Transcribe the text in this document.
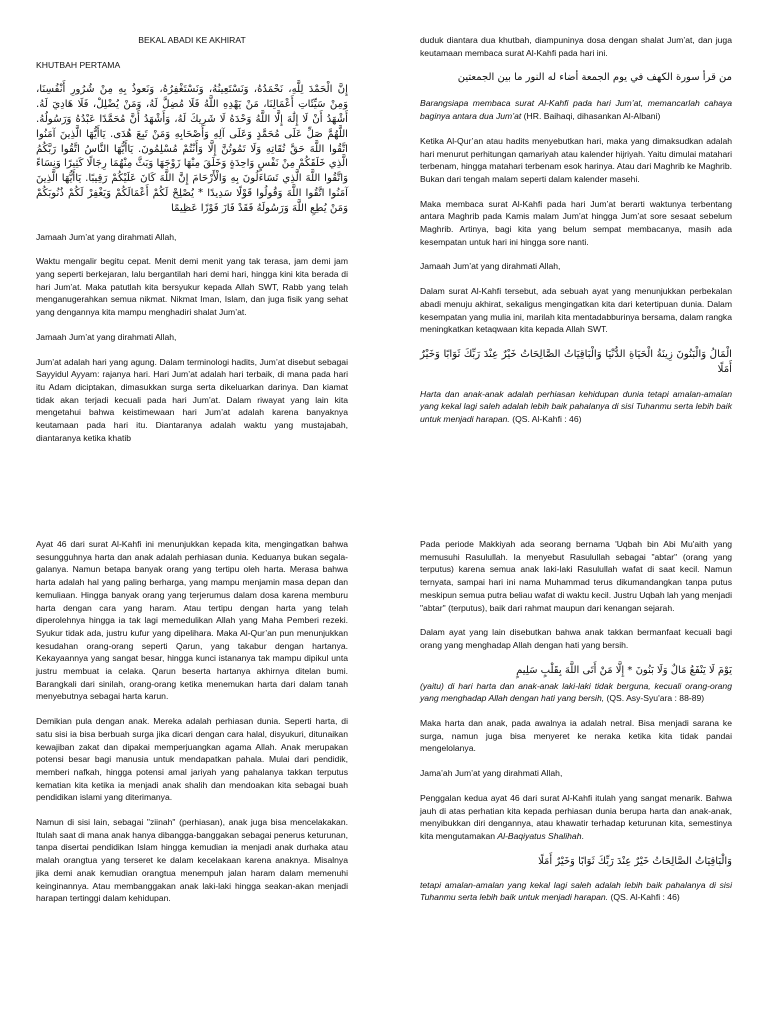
BEKAL ABADI KE AKHIRAT

KHUTBAH PERTAMA

إِنَّ الْحَمْدَ لِلَّهِ، نَحْمَدُهُ، وَنَسْتَعِينُهُ، وَنَسْتَغْفِرُهُ، وَنَعوذُ بِهِ مِنْ شُرُورِ أَنْفُسِنَا، وَمِنْ سَيِّئَاتِ أَعْمَالِنَا، مَنْ يَهْدِهِ اللَّهُ فَلَا مُضِلَّ لَهُ، وَمَنْ يُضْلِلْ، فَلَا هَادِيَ لَهُ. أَشْهَدُ أَنْ لَا إِلَٰهَ إِلَّا اللَّهُ وَحْدَهُ لَا شَرِيكَ لَهُ، وَأَشْهَدُ أَنَّ مُحَمَّدًا عَبْدُهُ وَرَسُولُهُ. اللَّهُمَّ صَلِّ عَلَى مُحَمَّدٍ وَعَلَى آلِهِ وَأَصْحَابِهِ وَمَنْ تَبِعَ هُدَى. يَاأَيُّهَا الَّذِينَ آمَنُوا اتَّقُوا اللَّهَ حَقَّ تُقَاتِهِ وَلَا تَمُوتُنَّ إِلَّا وَأَنْتُمْ مُسْلِمُونَ. يَاأَيُّهَا النَّاسُ اتَّقُوا رَبَّكُمُ الَّذِي خَلَقَكُمْ مِنْ نَفْسٍ وَاحِدَةٍ وَخَلَقَ مِنْهَا زَوْجَهَا وَبَثَّ مِنْهُمَا رِجَالًا كَثِيرًا وَنِسَاءً وَاتَّقُوا اللَّهَ الَّذِي تَسَاءَلُونَ بِهِ وَالْأَرْحَامَ إِنَّ اللَّهَ كَانَ عَلَيْكُمْ رَقِيبًا. يَاأَيُّهَا الَّذِينَ آمَنُوا اتَّقُوا اللَّهَ وَقُولُوا قَوْلًا سَدِيدًا * يُصْلِحْ لَكُمْ أَعْمَالَكُمْ وَيَغْفِرْ لَكُمْ ذُنُوبَكُمْ وَمَنْ يُطِعِ اللَّهَ وَرَسُولَهُ فَقَدْ فَازَ فَوْزًا عَظِيمًا

Jamaah Jum’at yang dirahmati Allah,

Waktu mengalir begitu cepat. Menit demi menit yang tak terasa, jam demi jam yang seperti berkejaran, lalu bergantilah hari demi hari, hingga kini kita berada di hari Jum’at. Maka patutlah kita bersyukur kepada Allah SWT, Rabb yang telah menganugerahkan semua nikmat. Nikmat Iman, Islam, dan juga fisik yang sehat yang dengannya kita mampu menghadiri shalat Jum’at.

Jamaah Jum’at yang dirahmati Allah,

Jum’at adalah hari yang agung. Dalam terminologi hadits, Jum’at disebut sebagai Sayyidul Ayyam: rajanya hari. Hari Jum’at adalah hari terbaik, di mana pada hari itu Adam diciptakan, dimasukkan surga serta dikeluarkan darinya. Dan kiamat tidak akan terjadi kecuali pada hari Jum’at. Dalam riwayat yang lain kita mengetahui bahwa keistimewaan hari Jum’at adalah karena banyaknya keutamaan pada hari itu. Diantaranya adalah waktu yang mustajabah, diantaranya ketika khatib

duduk diantara dua khutbah, diampuninya dosa dengan shalat Jum’at, dan juga keutamaan membaca surat Al-Kahfi pada hari ini.

من قرأ سورة الكهف في يوم الجمعة أضاء له النور ما بين الجمعتين

Barangsiapa membaca surat Al-Kahfi pada hari Jum’at, memancarlah cahaya baginya antara dua Jum’at (HR. Baihaqi, dihasankan Al-Albani)

Ketika Al-Qur’an atau hadits menyebutkan hari, maka yang dimaksudkan adalah hari menurut perhitungan qamariyah atau kalender hijriyah. Yaitu dimulai matahari terbenam, hingga matahari terbenam esok harinya. Atau dari Maghrib ke Maghrib. Bukan dari tengah malam seperti dalam kalender masehi.

Maka membaca surat Al-Kahfi pada hari Jum’at berarti waktunya terbentang antara Maghrib pada Kamis malam Jum’at hingga Jum’at sore sesaat sebelum Maghrib. Artinya, bagi kita yang belum sempat membacanya, masih ada kesempatan untuk hari ini hingga sore nanti.

Jamaah Jum’at yang dirahmati Allah,

Dalam surat Al-Kahfi tersebut, ada sebuah ayat yang menunjukkan perbekalan abadi menuju akhirat, sekaligus mengingatkan kita dari ketertipuan dunia. Dalam kesempatan yang mulia ini, marilah kita mentadabburinya bersama, dalam rangka meningkatkan ketaqwaan kita kepada Allah SWT.

الْمَالُ وَالْبَنُونَ زِينَةُ الْحَيَاةِ الدُّنْيَا وَالْبَاقِيَاتُ الصَّالِحَاتُ خَيْرٌ عِنْدَ رَبِّكَ ثَوَابًا وَخَيْرٌ أَمَلًا

Harta dan anak-anak adalah perhiasan kehidupan dunia tetapi amalan-amalan yang kekal lagi saleh adalah lebih baik pahalanya di sisi Tuhanmu serta lebih baik untuk menjadi harapan. (QS. Al-Kahfi : 46)

Ayat 46 dari surat Al-Kahfi ini menunjukkan kepada kita, mengingatkan bahwa sesungguhnya harta dan anak adalah perhiasan dunia. Keduanya bukan segala-galanya. Namun betapa banyak orang yang tertipu oleh harta. Merasa bahwa harta adalah hal yang paling berharga, yang mampu menjamin masa depan dan kemuliaan. Hingga banyak orang yang terjerumus dalam dosa karena memburu harta dengan cara yang haram. Atau tertipu dengan harta yang telah diperolehnya hingga ia tak lagi memedulikan Allah yang Maha Pemberi rezeki. Syukur tidak ada, justru kufur yang dipelihara. Maka Al-Qur’an pun menunjukkan kesudahan orang-orang seperti Qarun, yang takabur dengan hartanya. Kekayaannya yang sangat besar, hingga kunci istananya tak mampu dipikul unta justru membuat ia celaka. Qarun beserta hartanya akhirnya ditelan bumi. Barangkali dari sinilah, orang-orang ketika menemukan harta dari dalam tanah menyebutnya sebagai harta karun.

Demikian pula dengan anak. Mereka adalah perhiasan dunia. Seperti harta, di satu sisi ia bisa berbuah surga jika dicari dengan cara halal, disyukuri, ditunaikan kewajiban zakat dan dipakai memperjuangkan agama Allah. Anak merupakan potensi besar bagi manusia untuk mendapatkan pahala. Mulai dari pendidik, memberi nafkah, hingga potensi amal jariyah yang pahalanya takkan terputus kematian kita ketika ia menjadi anak shalih dan mendoakan kita sebagai buah pendidikan islami yang diterimanya.

Namun di sisi lain, sebagai "ziinah" (perhiasan), anak juga bisa mencelakakan. Itulah saat di mana anak hanya dibangga-banggakan sebagai penerus keturunan, tanpa disertai pendidikan Islam hingga kemudian ia menjadi anak durhaka atau malah orangtua yang terseret ke dalam kecelakaan karena anaknya. Misalnya jika demi anak kemudian orangtua menempuh jalan haram dalam memenuhi keinginannya. Atau membanggakan anak laki-laki hingga seakan-akan menjadi harapan tertinggi dalam kehidupan.

Pada periode Makkiyah ada seorang bernama 'Uqbah bin Abi Mu'aith yang memusuhi Rasulullah. Ia menyebut Rasulullah sebagai "abtar" (orang yang terputus) karena semua anak laki-laki Rasulullah wafat di saat kecil. Namun ternyata, sampai hari ini nama Muhammad terus dikumandangkan tanpa putus meskipun semua putra beliau wafat di waktu kecil. Justru Uqbah lah yang menjadi "abtar" (terputus), baik dari rahmat maupun dari kenangan sejarah.

Dalam ayat yang lain disebutkan bahwa anak takkan bermanfaat kecuali bagi orang yang menghadap Allah dengan hati yang bersih.

يَوْمَ لَا يَنْفَعُ مَالٌ وَلَا بَنُونَ * إِلَّا مَنْ أَتَى اللَّهَ بِقَلْبٍ سَلِيمٍ

(yaitu) di hari harta dan anak-anak laki-laki tidak berguna, kecuali orang-orang yang menghadap Allah dengan hati yang bersih, (QS. Asy-Syu'ara : 88-89)

Maka harta dan anak, pada awalnya ia adalah netral. Bisa menjadi sarana ke surga, namun juga bisa menyeret ke neraka ketika kita tidak pandai mengelolanya.

Jama’ah Jum’at yang dirahmati Allah,

Penggalan kedua ayat 46 dari surat Al-Kahfi itulah yang sangat menarik. Bahwa jauh di atas perhatian kita kepada perhiasan dunia berupa harta dan anak-anak, menyibukkan diri dengannya, atau khawatir terhadap keturunan kita, semestinya kita mengutamakan Al-Baqiyatus Shalihah.

وَالْبَاقِيَاتُ الصَّالِحَاتُ خَيْرٌ عِنْدَ رَبِّكَ ثَوَابًا وَخَيْرٌ أَمَلًا

tetapi amalan-amalan yang kekal lagi saleh adalah lebih baik pahalanya di sisi Tuhanmu serta lebih baik untuk menjadi harapan. (QS. Al-Kahfi : 46)
